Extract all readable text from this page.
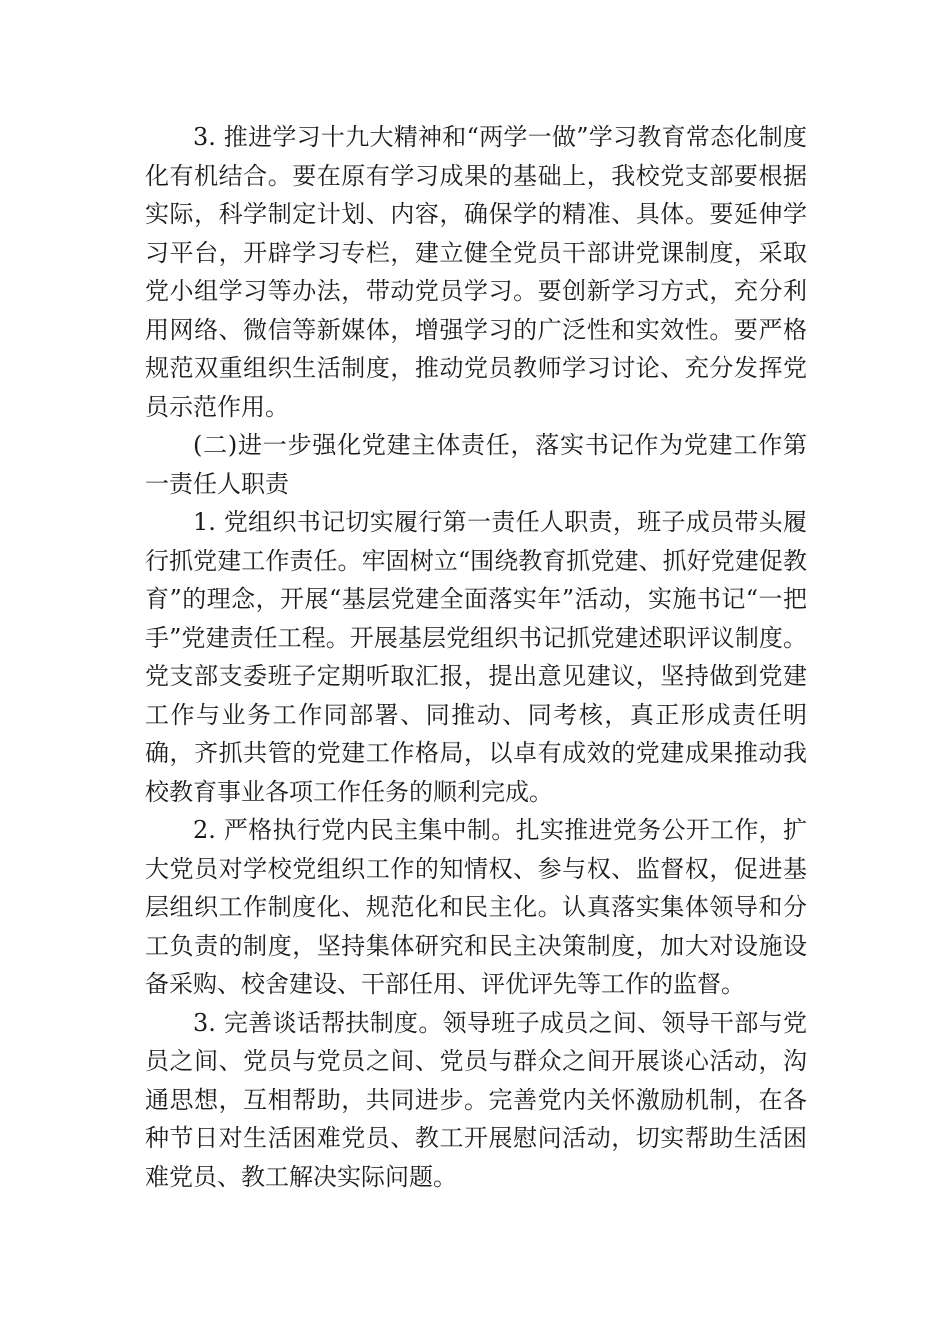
3. 推进学习十九大精神和“两学一做”学习教育常态化制度化有机结合。要在原有学习成果的基础上，我校党支部要根据实际，科学制定计划、内容，确保学的精准、具体。要延伸学习平台，开辟学习专栏，建立健全党员干部讲党课制度，采取党小组学习等办法，带动党员学习。要创新学习方式，充分利用网络、微信等新媒体，增强学习的广泛性和实效性。要严格规范双重组织生活制度，推动党员教师学习讨论、充分发挥党员示范作用。

(二)进一步强化党建主体责任，落实书记作为党建工作第一责任人职责

1. 党组织书记切实履行第一责任人职责，班子成员带头履行抓党建工作责任。牢固树立“围绕教育抓党建、抓好党建促教育”的理念，开展“基层党建全面落实年”活动，实施书记“一把手”党建责任工程。开展基层党组织书记抓党建述职评议制度。党支部支委班子定期听取汇报，提出意见建议，坚持做到党建工作与业务工作同部署、同推动、同考核，真正形成责任明确，齐抓共管的党建工作格局，以卓有成效的党建成果推动我校教育事业各项工作任务的顺利完成。

2. 严格执行党内民主集中制。扎实推进党务公开工作，扩大党员对学校党组织工作的知情权、参与权、监督权，促进基层组织工作制度化、规范化和民主化。认真落实集体领导和分工负责的制度，坚持集体研究和民主决策制度，加大对设施设备采购、校舍建设、干部任用、评优评先等工作的监督。

3. 完善谈话帮扶制度。领导班子成员之间、领导干部与党员之间、党员与党员之间、党员与群众之间开展谈心活动，沟通思想，互相帮助，共同进步。完善党内关怀激励机制，在各种节日对生活困难党员、教工开展慰问活动，切实帮助生活困难党员、教工解决实际问题。
